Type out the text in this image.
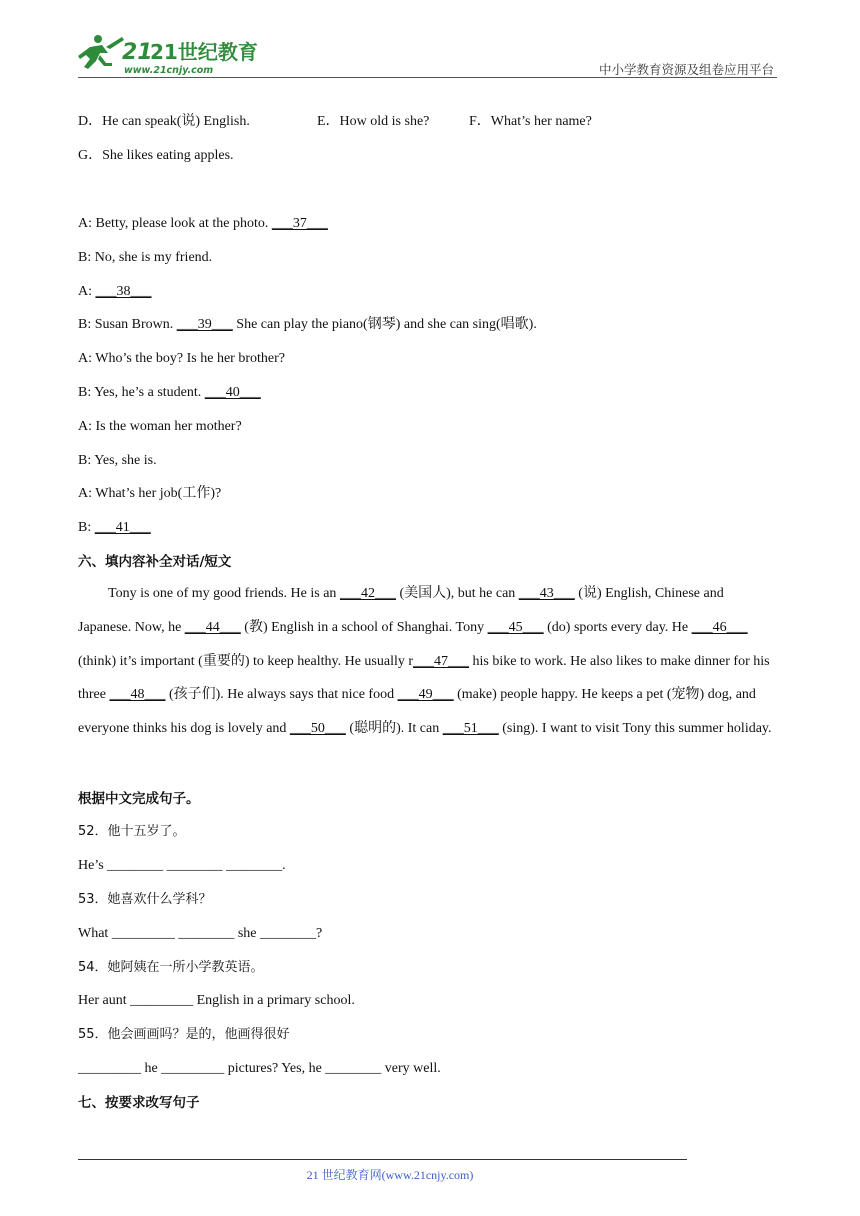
21
21世纪教育
www.21cnjy.com	中小学教育资源及组卷应用平台
D．He can speak(说) English.	E．How old is she?	F．What’s her name?
G．She likes eating apples.
A: Betty, please look at the photo. ___37___
B: No, she is my friend.
A: ___38___
B: Susan Brown. ___39___ She can play the piano(钢琴) and she can sing(唱歌).
A: Who’s the boy? Is he her brother?
B: Yes, he’s a student. ___40___
A: Is the woman her mother?
B: Yes, she is.
A: What’s her job(工作)?
B: ___41___
六、填内容补全对话/短文
Tony is one of my good friends. He is an ___42___ (美国人), but he can ___43___ (说) English, Chinese and Japanese. Now, he ___44___ (教) English in a school of Shanghai. Tony ___45___ (do) sports every day. He ___46___ (think) it’s important (重要的) to keep healthy. He usually r___47___ his bike to work. He also likes to make dinner for his three ___48___ (孩子们). He always says that nice food ___49___ (make) people happy. He keeps a pet (宠物) dog, and everyone thinks his dog is lovely and ___50___ (聪明的). It can ___51___ (sing). I want to visit Tony this summer holiday.
根据中文完成句子。
52．他十五岁了。
He’s ________ ________ ________.
53．她喜欢什么学科？
What _________ ________ she ________?
54．她阿姨在一所小学教英语。
Her aunt _________ English in a primary school.
55．他会画画吗？是的，他画得很好
_________ he _________ pictures? Yes, he ________ very well.
七、按要求改写句子
21 世纪教育网(www.21cnjy.com)
